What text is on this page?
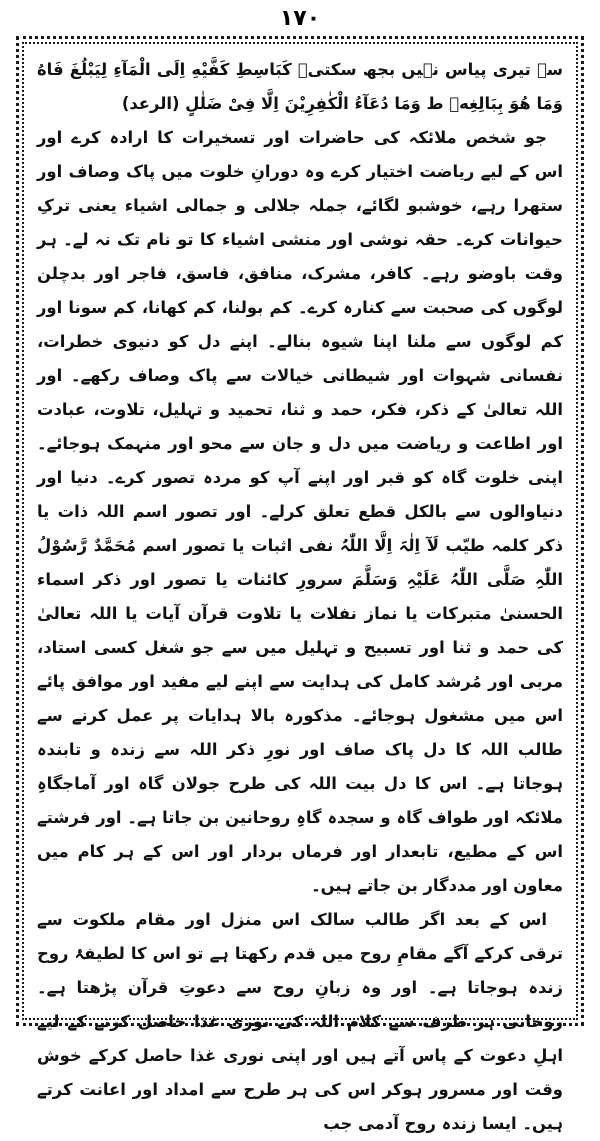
۱۷۰

سے تیری پیاس نہیں بجھ سکتی۔ کَبَاسِطِ کَفَّیْهِ اِلَی الْمَآءِ لِیَبْلُغَ فَاهُ وَمَا هُوَ بِبَالِغِهٖ ط وَمَا دُعَآءُ الْکٰفِرِیْنَ اِلَّا فِیْ ضَلٰلٍ (الرعد)

جو شخص ملائکہ کی حاضرات اور تسخیرات کا ارادہ کرے اور اس کے لیے ریاضت اختیار کرے وہ دورانِ خلوت میں پاک وصاف اور ستھرا رہے، خوشبو لگائے، جملہ جلالی و جمالی اشیاء یعنی ترکِ حیوانات کرے۔ حقہ نوشی اور منشی اشیاء کا تو نام تک نہ لے۔ ہر وقت باوضو رہے۔ کافر، مشرک، منافق، فاسق، فاجر اور بدچلن لوگوں کی صحبت سے کنارہ کرے۔ کم بولنا، کم کھانا، کم سونا اور کم لوگوں سے ملنا اپنا شیوہ بنالے۔ اپنے دل کو دنیوی خطرات، نفسانی شہوات اور شیطانی خیالات سے پاک وصاف رکھے۔ اور اللہ تعالیٰ کے ذکر، فکر، حمد و ثنا، تحمید و تہلیل، تلاوت، عبادت اور اطاعت و ریاضت میں دل و جان سے محو اور منہمک ہوجائے۔ اپنی خلوت گاہ کو قبر اور اپنے آپ کو مردہ تصور کرے۔ دنیا اور دنیاوالوں سے بالکل قطع تعلق کرلے۔ اور تصور اسم اللہ ذات یا ذکر کلمہ طیّب لَآ اِلٰہَ اِلَّا اللّٰہُ نفی اثبات یا تصور اسم مُحَمَّدٌ رَّسُوْلُ اللّٰہِ صَلَّی اللّٰہُ عَلَیْہِ وَسَلَّمَ سرورِ کائنات یا تصور اور ذکر اسماء الحسنیٰ متبرکات یا نماز نفلات یا تلاوت قرآن آیات یا اللہ تعالیٰ کی حمد و ثنا اور تسبیح و تہلیل میں سے جو شغل کسی استاد، مربی اور مُرشد کامل کی ہدایت سے اپنے لیے مفید اور موافق پائے اس میں مشغول ہوجائے۔ مذکورہ بالا ہدایات پر عمل کرنے سے طالب اللہ کا دل پاک صاف اور نورِ ذکر اللہ سے زندہ و تابندہ ہوجاتا ہے۔ اس کا دل بیت اللہ کی طرح جولان گاہ اور آماجگاہِ ملائکہ اور طواف گاہ و سجدہ گاہِ روحانین بن جاتا ہے۔ اور فرشتے اس کے مطیع، تابعدار اور فرماں بردار اور اس کے ہر کام میں معاون اور مددگار بن جاتے ہیں۔

اس کے بعد اگر طالب سالک اس منزل اور مقام ملکوت سے ترقی کرکے آگے مقامِ روح میں قدم رکھتا ہے تو اس کا لطیفۂ روح زندہ ہوجاتا ہے۔ اور وہ زبانِ روح سے دعوتِ قرآن پڑھتا ہے۔ روحانی ہر طرف سے کلام اللہ کی نوری غذا حاصل کرنے کے لیے اہلِ دعوت کے پاس آتے ہیں اور اپنی نوری غذا حاصل کرکے خوش وقت اور مسرور ہوکر اس کی ہر طرح سے امداد اور اعانت کرتے ہیں۔ ایسا زندہ روح آدمی جب
